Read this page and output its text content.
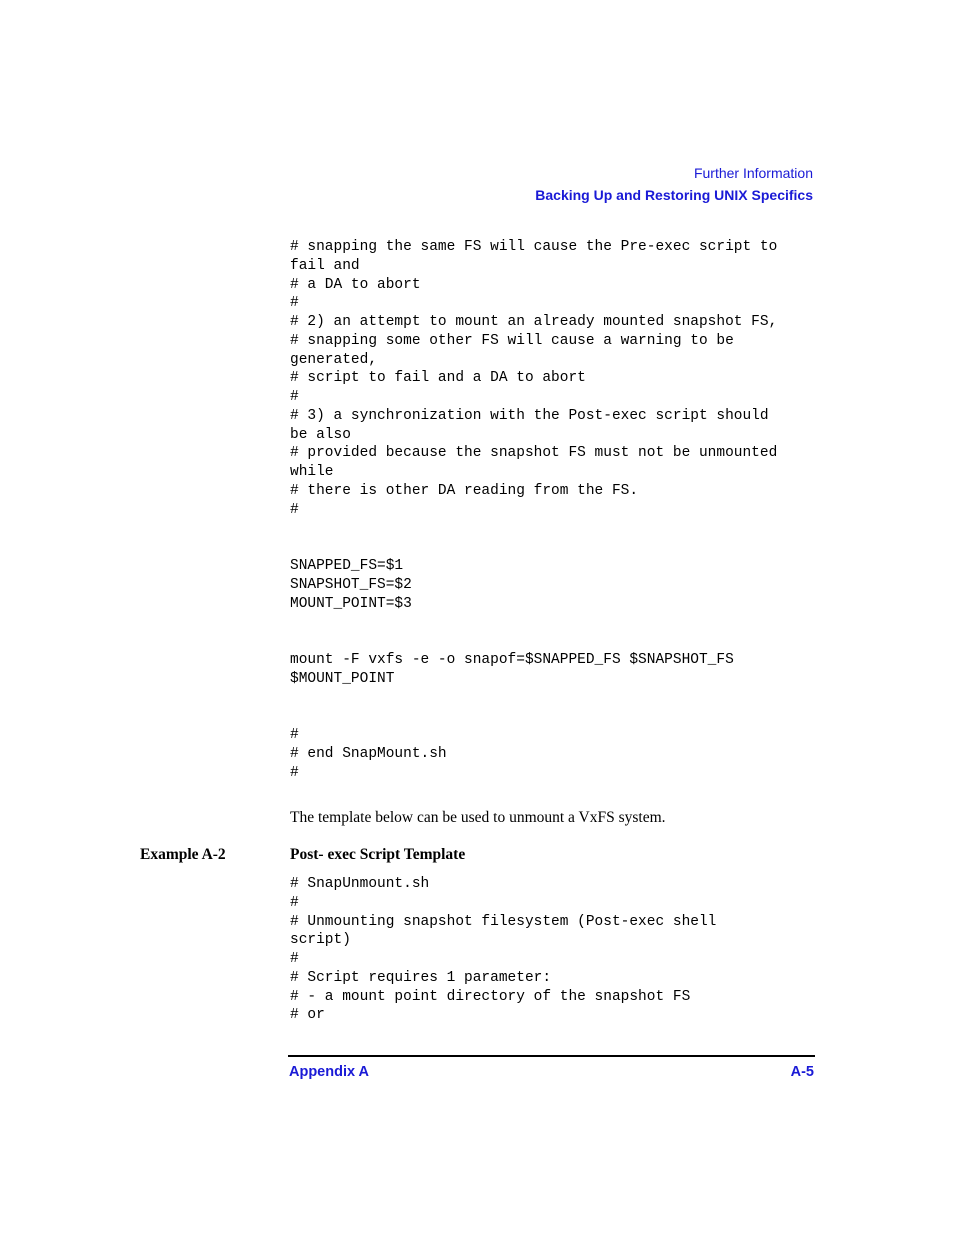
Further Information
Backing Up and Restoring UNIX Specifics
# snapping the same FS will cause the Pre-exec script to
fail and
# a DA to abort
#
# 2) an attempt to mount an already mounted snapshot FS,
# snapping some other FS will cause a warning to be
generated,
# script to fail and a DA to abort
#
# 3) a synchronization with the Post-exec script should
be also
# provided because the snapshot FS must not be unmounted
while
# there is other DA reading from the FS.
#
SNAPPED_FS=$1
SNAPSHOT_FS=$2
MOUNT_POINT=$3
mount -F vxfs -e -o snapof=$SNAPPED_FS $SNAPSHOT_FS
$MOUNT_POINT
#
# end SnapMount.sh
#
The template below can be used to unmount a VxFS system.
Example A-2	Post- exec Script Template
# SnapUnmount.sh
#
# Unmounting snapshot filesystem (Post-exec shell
script)
#
# Script requires 1 parameter:
# - a mount point directory of the snapshot FS
# or
Appendix A	A-5
